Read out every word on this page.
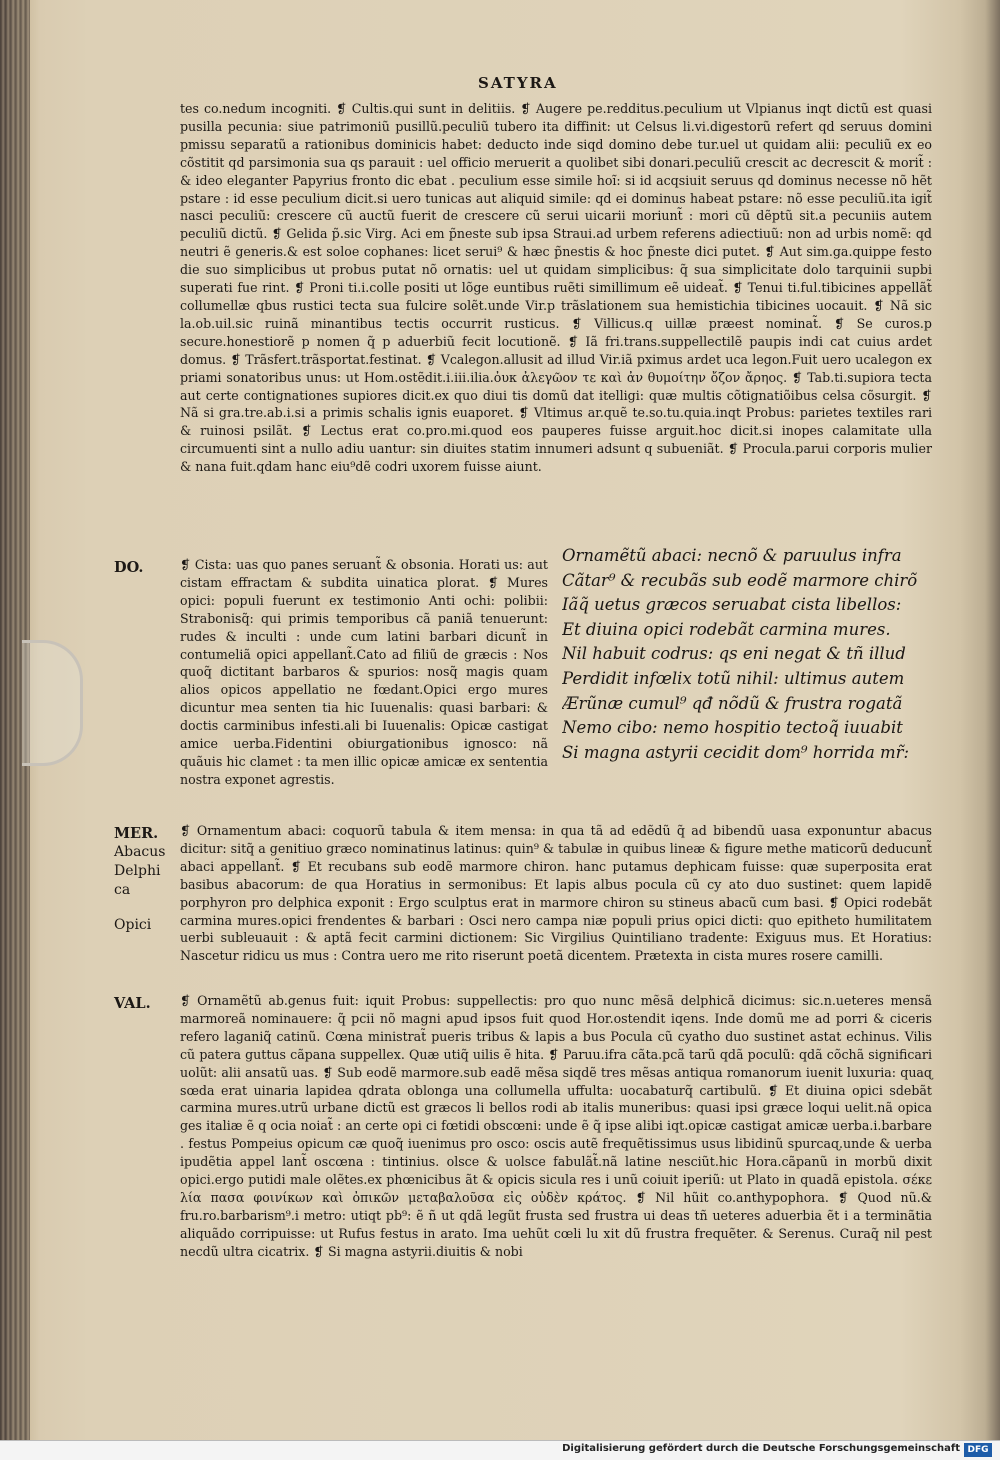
SATYRA
tes co.nedum incogniti. ❡ Cultis.qui sunt in delitiis. ❡ Augere pe.redditus.peculium ut Vlpianus inqt dictũ est quasi pusilla pecunia: siue patrimoniũ pusillũ.peculiũ tubero ita diffinit: ut Celsus li.vi.digestorũ refert qd seruus domini pmissu separatũ a rationibus dominicis habet: deducto inde siqd domino debe tur.uel ut quidam alii: peculiũ ex eo cõstitit qd parsimonia sua qs parauit : uel officio meruerit a quolibet sibi donari.peculiũ crescit ac decrescit & morit̃ : & ideo eleganter Papyrius fronto dic ebat . peculium esse simile hoĩ: si id acqsiuit seruus qd dominus necesse nõ hẽt pstare : id esse peculium dicit.si uero tunicas aut aliquid simile: qd ei dominus habeat pstare: nõ esse peculiũ.ita igit̃ nasci peculiũ: crescere cũ auctũ fuerit de crescere cũ serui uicarii moriunt̃ : mori cũ dẽptũ sit.a pecuniis autem peculiũ dictũ. ❡ Gelida p̃.sic Virg. Aci em p̃neste sub ipsa Straui.ad urbem referens adiectiuũ: non ad urbis nomẽ: qd neutri ẽ generis.& est soloe cophanes: licet serui⁹ & hæc p̃nestis & hoc p̃neste dici putet. ❡ Aut sim.ga.quippe festo die suo simplicibus ut probus putat nõ ornatis: uel ut quidam simplicibus: q̃ sua simplicitate dolo tarquinii supbi superati fue rint. ❡ Proni ti.i.colle positi ut lõge euntibus ruẽti simillimum eẽ uideat̃. ❡ Tenui ti.ful.tibicines appellãt̃ collumellæ qbus rustici tecta sua fulcire solẽt.unde Vir.p trãslationem sua hemistichia tibicines uocauit. ❡ Nã sic la.ob.uil.sic ruinã minantibus tectis occurrit rusticus. ❡ Villicus.q uillæ præest nominat̃. ❡ Se curos.p secure.honestiorẽ p nomen q̃ p aduerbiũ fecit locutionẽ. ❡ Iã fri.trans.suppellectilẽ paupis indi cat cuius ardet domus. ❡ Trãsfert.trãsportat.festinat. ❡ Vcalegon.allusit ad illud Vir.iã pximus ardet uca legon.Fuit uero ucalegon ex priami sonatoribus unus: ut Hom.ostẽdit.i.iii.ilia.ὀυκ ἀλεγῶον τε καὶ ἀν θυμοίτην ὄζον ἄρηος. ❡ Tab.ti.supiora tecta aut certe contignationes supiores dicit.ex quo diui tis domũ dat itelligi: quæ multis cõtignatiõibus celsa cõsurgit. ❡ Nã si gra.tre.ab.i.si a primis schalis ignis euaporet. ❡ Vltimus ar.quẽ te.so.tu.quia.inqt Probus: parietes textiles rari & ruinosi psilãt. ❡ Lectus erat co.pro.mi.quod eos pauperes fuisse arguit.hoc dicit.si inopes calamitate ulla circumuenti sint a nullo adiu uantur: sin diuites statim innumeri adsunt q subueniãt. ❡ Procula.parui corporis mulier & nana fuit.qdam hanc eiu⁹dẽ codri uxorem fuisse aiunt.
DO.	❡ Cista: uas quo panes seruant̃ & obsonia. Horati us: aut cistam effractam & subdita uinatica plorat. ❡ Mures opici: populi fuerunt ex testimonio Anti ochi: polibii: Strabonisq̃: qui primis temporibus cã paniã tenuerunt: rudes & inculti : unde cum latini barbari dicunt̃ in contumeliã opici appellant̃.Cato ad filiũ de græcis : Nos quoq̃ dictitant barbaros & spurios: nosq̃ magis quam alios opicos appellatio ne fœdant.Opici ergo mures dicuntur mea senten tia hic Iuuenalis: quasi barbari: & doctis carminibus infesti.ali bi Iuuenalis: Opicæ castigat amice uerba.Fidentini obiurgationibus ignosco: nã quãuis hic clamet : ta men illic opicæ amicæ ex sententia nostra exponet agrestis.
Ornamẽtũ abaci: necnõ & paruulus infra
Cãtar⁹ & recubãs sub eodẽ marmore chirõ
Iãq̃ uetus græcos seruabat cista libellos:
Et diuina opici rodebãt carmina mures.
Nil habuit codrus: qs eni negat & tñ illud
Perdidit infœlix totũ nihil: ultimus autem
Ærũnæ cumul⁹ qđ nõdũ & frustra rogatã
Nemo cibo: nemo hospitio tectoq̃ iuuabit
Si magna astyrii cecidit dom⁹ horrida mr̃:
MER.
Abacus
Delphi
ca
Opici
❡ Ornamentum abaci: coquorũ tabula & item mensa: in qua tã ad edẽdũ q̃ ad bibendũ uasa exponuntur abacus dicitur: sitq̃ a genitiuo græco nominatinus latinus: quin⁹ & tabulæ in quibus lineæ & figure methe maticorũ deducunt̃ abaci appellant̃. ❡ Et recubans sub eodẽ marmore chiron. hanc putamus dephicam fuisse: quæ superposita erat basibus abacorum: de qua Horatius in sermonibus: Et lapis albus pocula cũ cy ato duo sustinet: quem lapidẽ porphyron pro delphica exponit : Ergo sculptus erat in marmore chiron su stineus abacũ cum basi. ❡ Opici rodebãt carmina mures.opici frendentes & barbari : Osci nero campa niæ populi prius opici dicti: quo epitheto humilitatem uerbi subleuauit : & aptã fecit carmini dictionem: Sic Virgilius Quintiliano tradente: Exiguus mus. Et Horatius: Nascetur ridicu us mus : Contra uero me rito riserunt poetã dicentem. Prætexta in cista mures rosere camilli.
VAL. ❡ Ornamẽtũ ab.genus fuit: iquit Probus: suppellectis: pro quo nunc mẽsã delphicã dicimus: sic.n.ueteres mensã marmoreã nominauere: q̃ pcii nõ magni apud ipsos fuit quod Hor.ostendit iqens. Inde domũ me ad porri & ciceris refero laganiq̃ catinũ. Cœna ministrat̃ pueris tribus & lapis a bus Pocula cũ cyatho duo sustinet astat echinus. Vilis cũ patera guttus cãpana suppellex. Quæ utiq̃ uilis ẽ hita. ❡ Paruu.ifra cãta.pcã tarũ qdã poculũ: qdã cõchã significari uolũt: alii ansatũ uas. ❡ Sub eodẽ marmore.sub eadẽ mẽsa siqdẽ tres mẽsas antiqua romanorum iuenit luxuria: quaɋ sœda erat uinaria lapidea qdrata oblonga una collumella uffulta: uocabaturq̃ cartibulũ. ❡ Et diuina opici sdebãt carmina mures.utrũ urbane dictũ est græcos li bellos rodi ab italis muneribus: quasi ipsi græce loqui uelit.nã opica ges italiæ ẽ q ocia noiat̃ : an certe opi ci fœtidi obscœni: unde ẽ q̃ ipse alibi iqt.opicæ castigat amicæ uerba.i.barbare . festus Pompeius opicum cæ quoq̃ iuenimus pro osco: oscis autẽ frequẽtissimus usus libidinũ spurcaɋ.unde & uerba ipudẽtia appel lant̃ oscœna : tintinius. olsce & uolsce fabulãt̃.nã latine nesciũt.hic Hora.cãpanũ in morbũ dixit opici.ergo putidi male olẽtes.ex phœnicibus ãt & opicis sicula res i unũ coiuit iperiũ: ut Plato in quadã epistola. σέκε λία πασα φοινίκων καὶ ὀπικῶν μεταβαλοῦσα εἰς οὐδὲν κράτος. ❡ Nil hũit co.anthypophora. ❡ Quod nũ.& fru.ro.barbarism⁹.i metro: utiqt pb⁹: ẽ ñ ut qdã legũt frusta sed frustra ui deas tñ ueteres aduerbia ẽt i a terminãtia aliquãdo corripuisse: ut Rufus festus in arato. Ima uehũt cœli lu xit dũ frustra frequẽter. & Serenus. Curaq̃ nil pest necdũ ultra cicatrix. ❡ Si magna astyrii.diuitis & nobi
Digitalisierung gefördert durch die Deutsche Forschungsgemeinschaft DFG
